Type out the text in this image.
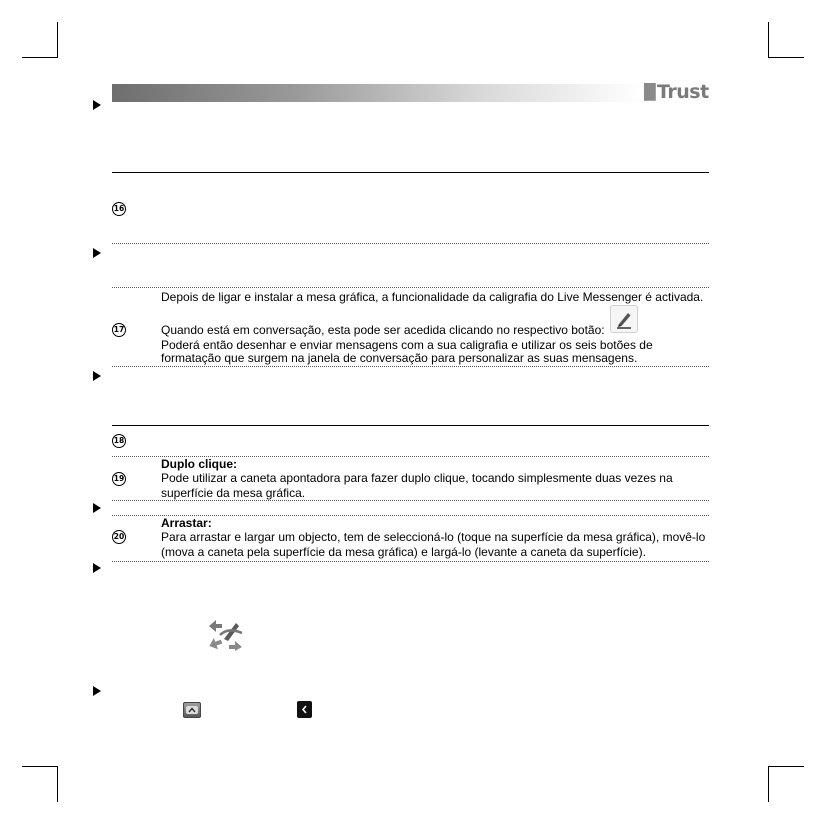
█  Trust
16
17
Depois de ligar e instalar a mesa gráfica, a funcionalidade da caligrafia do Live Messenger é activada.
Quando está em conversação, esta pode ser acedida clicando no respectivo botão:
Poderá então desenhar e enviar mensagens com a sua caligrafia e utilizar os seis botões de
formatação que surgem na janela de conversação para personalizar as suas mensagens.
18
19
Duplo clique:
Pode utilizar a caneta apontadora para fazer duplo clique, tocando simplesmente duas vezes na
superfície da mesa gráfica.
20
Arrastar:
Para arrastar e largar um objecto, tem de seleccioná-lo (toque na superfície da mesa gráfica), movê-lo
(mova a caneta pela superfície da mesa gráfica) e largá-lo (levante a caneta da superfície).
